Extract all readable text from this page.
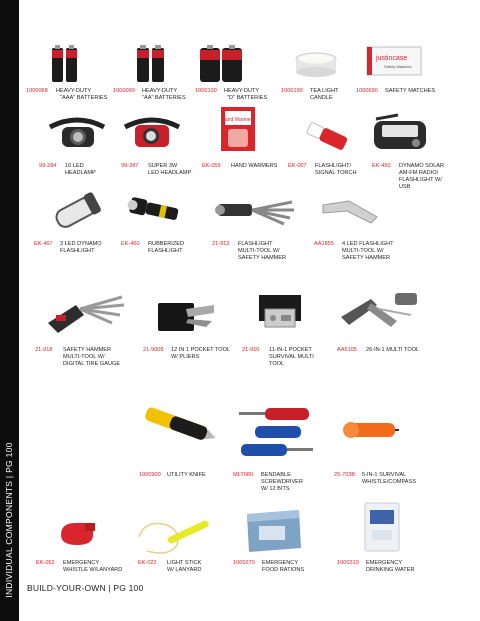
INDIVIDUAL COMPONENTS | PG 100
justincase
Safety Matches
1000068 HEAVY-DUTY
"AAA" BATTERIES
1000090 HEAVY-DUTY
"AA" BATTERIES
1000100 HEAVY-DUTY
"D" BATTERIES
1000190 TEA LIGHT
CANDLE
1000690 SAFETY MATCHES
Hand Warmers
99-284 10 LED
HEADLAMP
99-287 SUPER 3W
LED HEADLAMP
EK-059 HAND WARMERS EK-007 FLASHLIGHT/
SIGNAL TORCH
EK-450 DYNAMO SOLAR
AM-FM RADIO/
FLASHLIGHT W/
USB
EK-467 3 LED DYNAMO
FLASHLIGHT
EK-460 RUBBERIZED
FLASHLIGHT
21-913 FLASHLIGHT
MULTI-TOOL W/
SAFETY HAMMER
AA1855 4 LED FLASHLIGHT
MULTI-TOOL W/
SAFETY HAMMER
21-918 SAFETY HAMMER
MULTI-TOOL W/
DIGITAL TIRE GAUGE
21-9008 12 IN 1 POCKET TOOL
W/ PLIERS
21-910 11-IN-1 POCKET
SURVIVAL MULTI
TOOL
AA6105 26-IN-1 MULTI TOOL
1000900 UTILITY KNIFE	MLT080 BENDABLE
SCREWDRIVER
W/ 12 BITS
25-703B 5-IN-1 SURVIVAL
WHISTLE/COMPASS
EK-052 EMERGENCY
WHISTLE W/LANYARD
EK-022 LIGHT STICK
W/ LANYARD
1000270 EMERGENCY
FOOD RATIONS
1000310 EMERGENCY
DRINKING WATER
BUILD-YOUR-OWN | PG 100
